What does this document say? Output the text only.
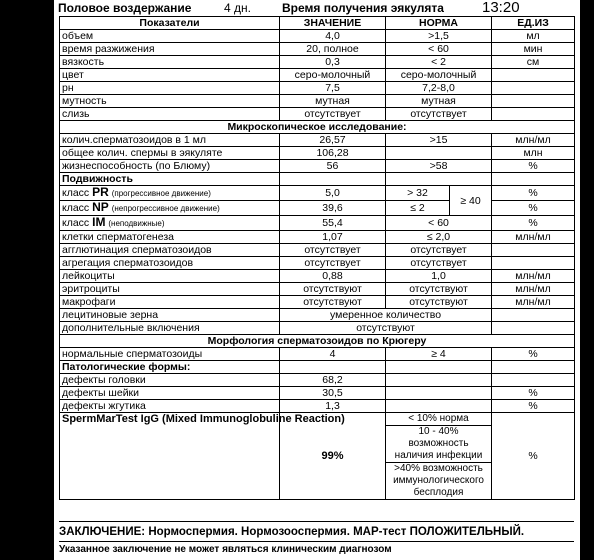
Половое воздержание	4 дн.	Время получения эякулята	13:20
Показатели	ЗНАЧЕНИЕ	НОРМА		ЕД.ИЗ
объем	4,0	>1,5		мл
время разжижения	20, полное	< 60		мин
вязкость	0,3	< 2		см
цвет	серо-молочный	серо-молочный		
рн	7,5	7,2-8,0		
мутность	мутная	мутная		
слизь	отсутствует	отсутствует		
Микроскопическое исследование:				
колич.сперматозоидов в 1 мл	26,57	>15		млн/мл
общее колич. спермы в эякуляте	106,28			млн
жизнеспособность (по Блюму)	56	>58		%
Подвижность				
класс PR (прогрессивное движение)	5,0	> 32	≥ 40	%
класс NP (непрогрессивное движение)	39,6	≤ 2		%
класс IM (неподвижные)	55,4	< 60		%
клетки сперматогенеза	1,07	≤ 2,0		млн/мл
агглютинация сперматозоидов	отсутствует	отсутствует		
агрегация сперматозоидов	отсутствует	отсутствует		
лейкоциты	0,88	1,0		млн/мл
эритроциты	отсутствуют	отсутствуют		млн/мл
макрофаги	отсутствуют	отсутствуют		млн/мл
лецитиновые зерна	умеренное количество			
дополнительные включения	отсутствуют			
Морфология сперматозоидов по Крюгеру				
нормальные сперматозоиды	4	≥ 4		%
Патологические формы:				
дефекты головки	68,2			
дефекты шейки	30,5			%
дефекты жгутика	1,3			%
SpermMarTest IgG (Mixed Immunoglobuline Reaction)	99%	< 10% норма		%
		10 - 40% возможность наличия инфекции		
		>40% возможность иммунологического бесплодия		
ЗАКЛЮЧЕНИЕ: Нормоспермия. Нормозооспермия. МАР-тест ПОЛОЖИТЕЛЬНЫЙ.
Указанное заключение не может являться клиническим диагнозом
